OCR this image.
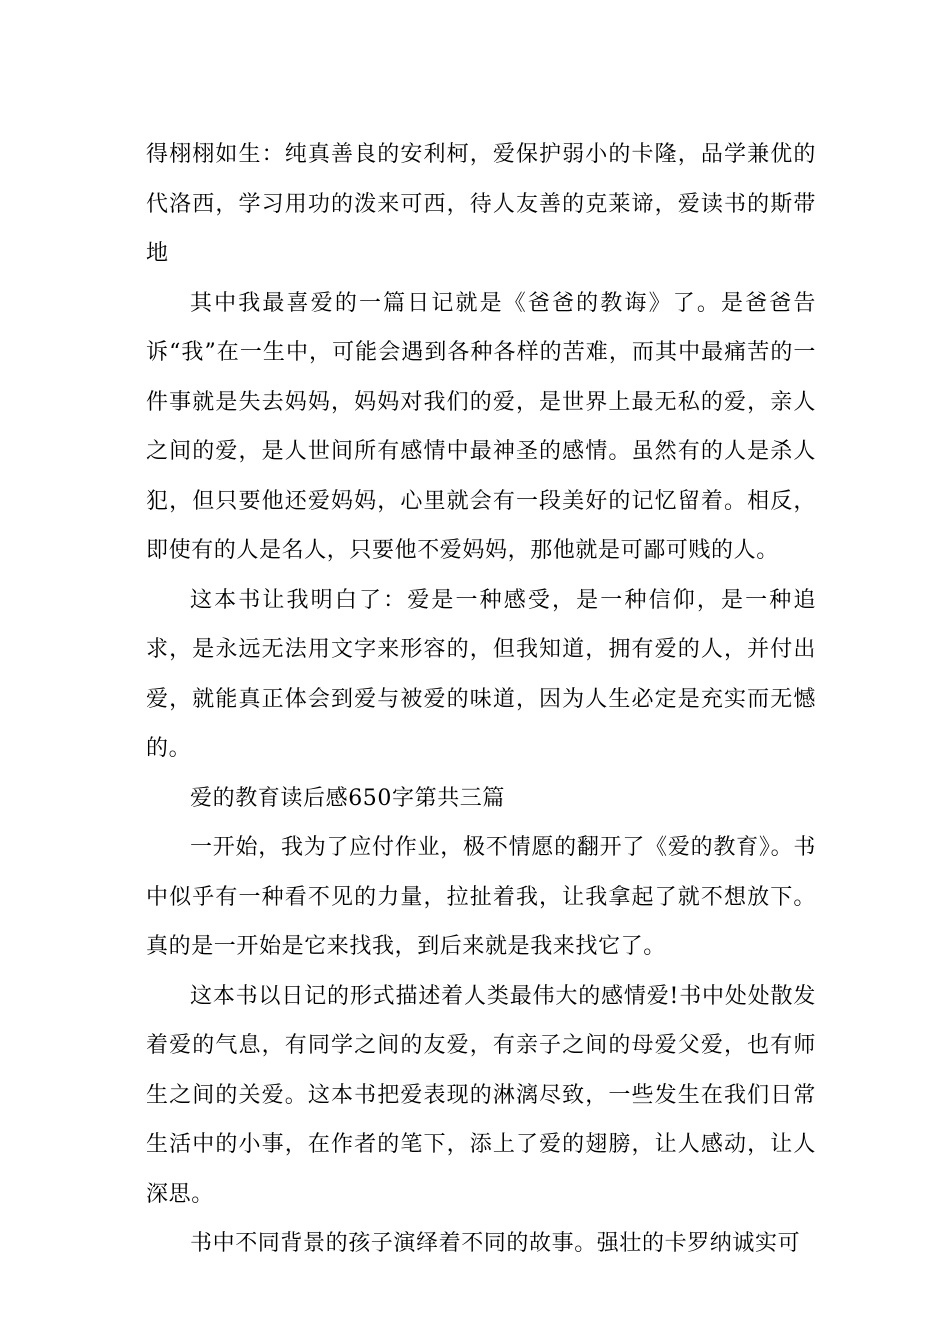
得栩栩如生：纯真善良的安利柯，爱保护弱小的卡隆，品学兼优的代洛西，学习用功的泼来可西，待人友善的克莱谛，爱读书的斯带地

其中我最喜爱的一篇日记就是《爸爸的教诲》了。是爸爸告诉“我”在一生中，可能会遇到各种各样的苦难，而其中最痛苦的一件事就是失去妈妈，妈妈对我们的爱，是世界上最无私的爱，亲人之间的爱，是人世间所有感情中最神圣的感情。虽然有的人是杀人犯，但只要他还爱妈妈，心里就会有一段美好的记忆留着。相反，即使有的人是名人，只要他不爱妈妈，那他就是可鄙可贱的人。

这本书让我明白了：爱是一种感受，是一种信仰，是一种追求，是永远无法用文字来形容的，但我知道，拥有爱的人，并付出爱，就能真正体会到爱与被爱的味道，因为人生必定是充实而无憾的。

爱的教育读后感650字第共三篇

一开始，我为了应付作业，极不情愿的翻开了《爱的教育》。书中似乎有一种看不见的力量，拉扯着我，让我拿起了就不想放下。真的是一开始是它来找我，到后来就是我来找它了。

这本书以日记的形式描述着人类最伟大的感情爱!书中处处散发着爱的气息，有同学之间的友爱，有亲子之间的母爱父爱，也有师生之间的关爱。这本书把爱表现的淋漓尽致，一些发生在我们日常生活中的小事，在作者的笔下，添上了爱的翅膀，让人感动，让人深思。

书中不同背景的孩子演绎着不同的故事。强壮的卡罗纳诚实可
